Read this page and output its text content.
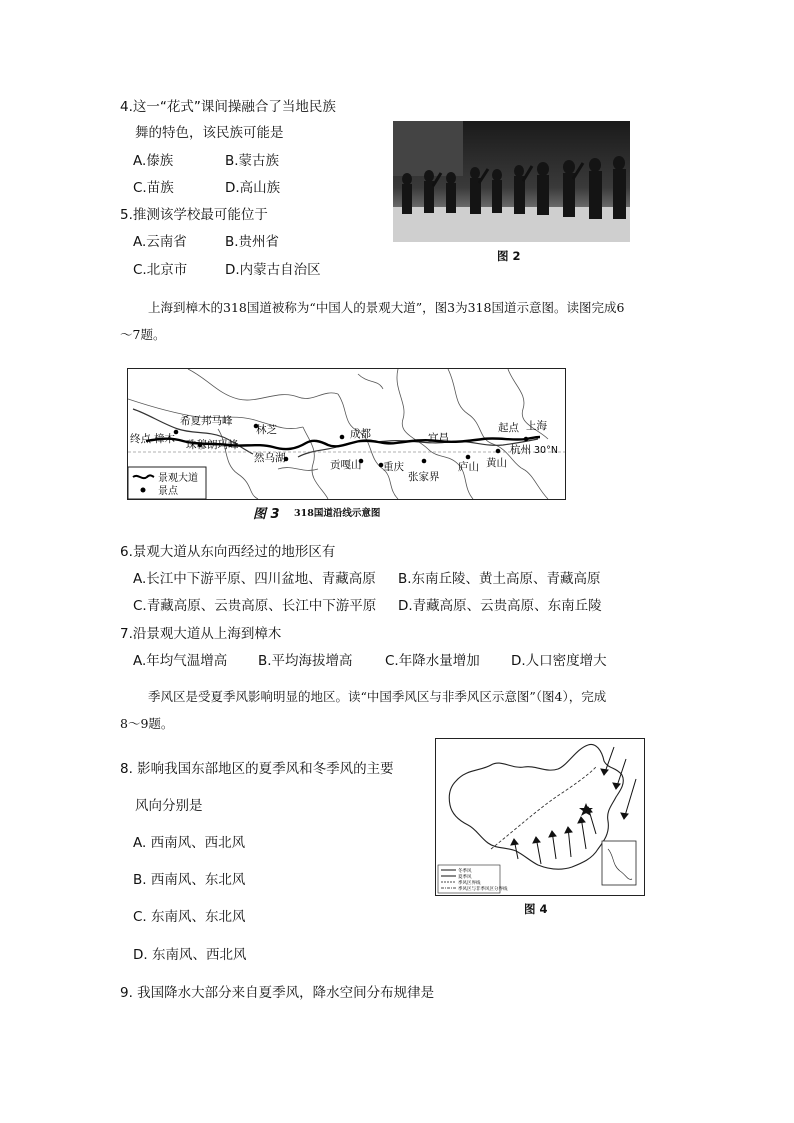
4.这一“花式”课间操融合了当地民族
舞的特色，该民族可能是
A.傣族	B.蒙古族
C.苗族	D.高山族
5.推测该学校最可能位于
A.云南省	B.贵州省
C.北京市	D.内蒙古自治区
图 2
上海到樟木的318国道被称为“中国人的景观大道”，图3为318国道示意图。读图完成6
～7题。
希夏邦马峰
珠穆朗玛峰
终点 樟木
林芝
然乌湖
成都
贡嘎山 重庆
张家界
宜昌
庐山 黄山
起点 上海
杭州 30°N
景观大道
景点
图 3 318国道沿线示意图
6.景观大道从东向西经过的地形区有
A.长江中下游平原、四川盆地、青藏高原 B.东南丘陵、黄土高原、青藏高原
C.青藏高原、云贵高原、长江中下游平原 D.青藏高原、云贵高原、东南丘陵
7.沿景观大道从上海到樟木
A.年均气温增高 B.平均海拔增高 C.年降水量增加 D.人口密度增大
季风区是受夏季风影响明显的地区。读“中国季风区与非季风区示意图”（图4），完成
8～9题。
冬季风
夏季风
季风区界线
季风区与非季风区分界线
图 4
8. 影响我国东部地区的夏季风和冬季风的主要
风向分别是
A. 西南风、西北风
B. 西南风、东北风
C. 东南风、东北风
D. 东南风、西北风
9. 我国降水大部分来自夏季风，降水空间分布规律是
